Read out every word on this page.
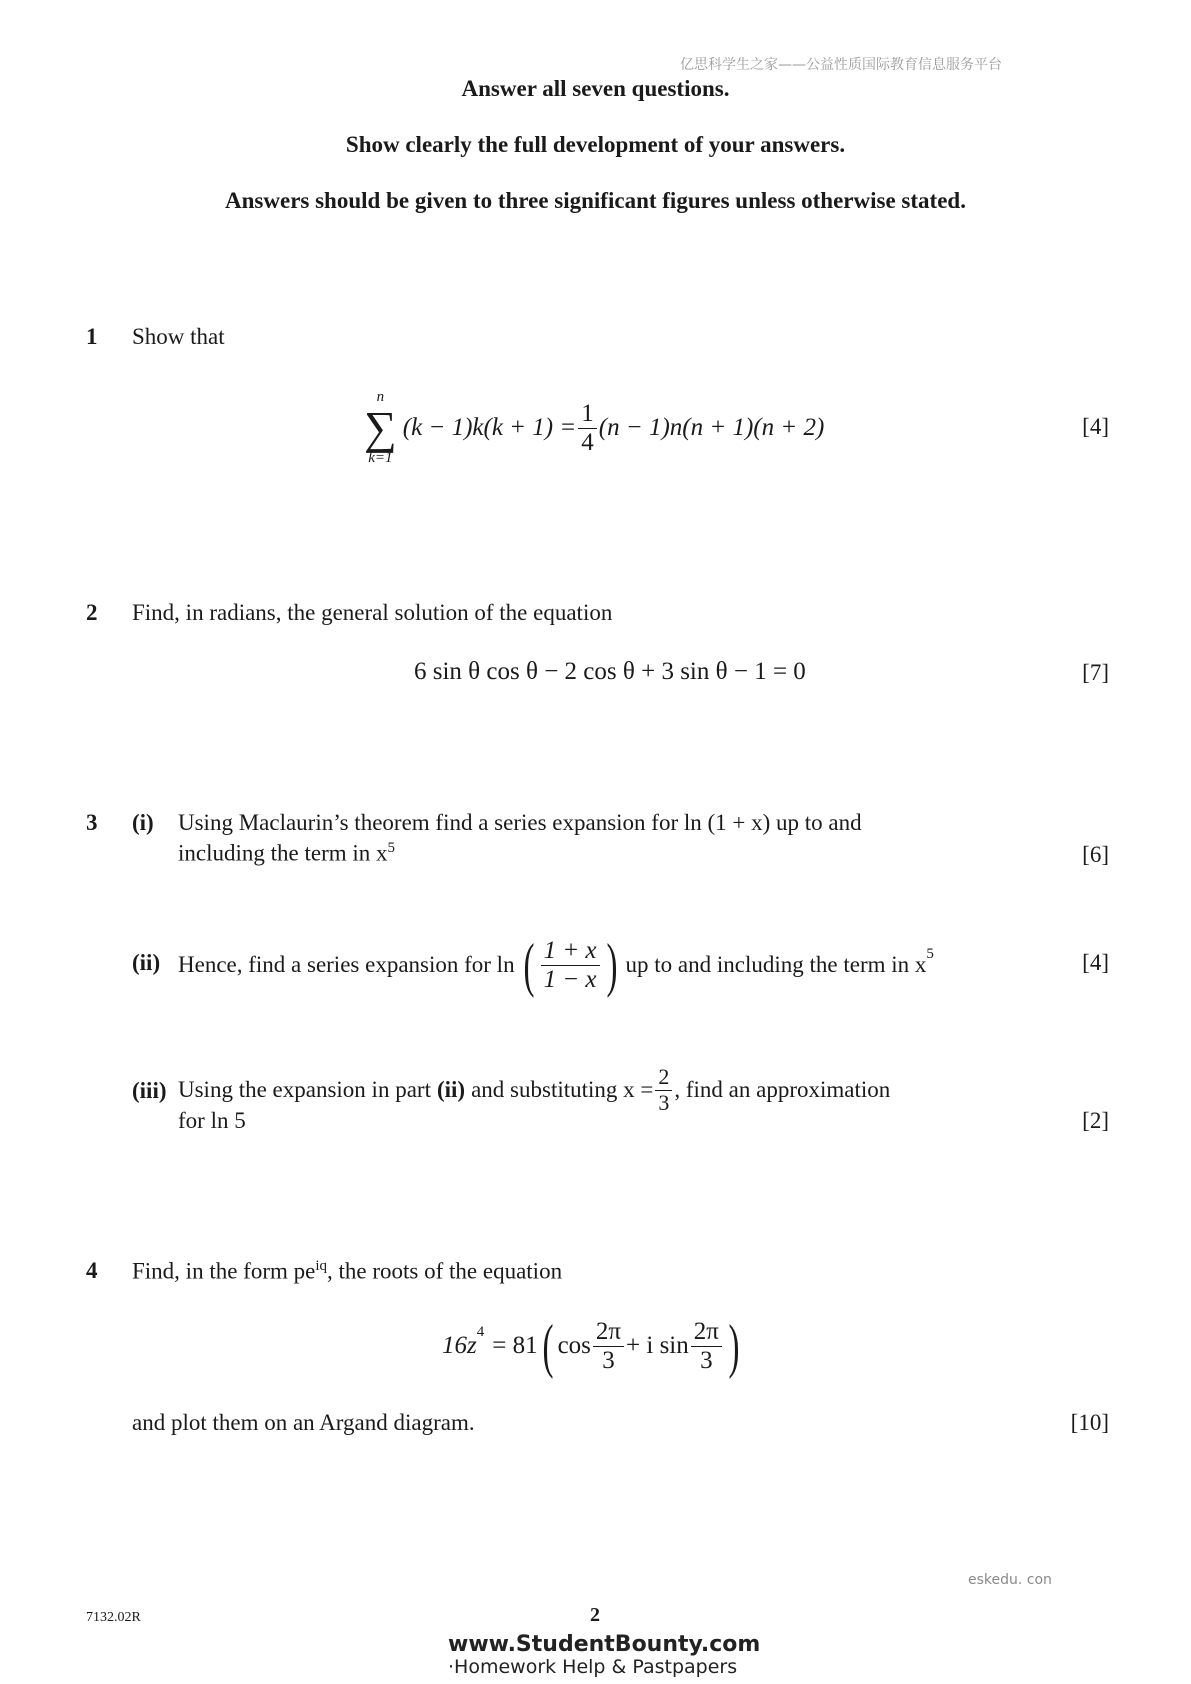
亿思科学生之家——公益性质国际教育信息服务平台
Answer all seven questions.
Show clearly the full development of your answers.
Answers should be given to three significant figures unless otherwise stated.
1 Show that
n
∑
k=1
$(k - 1)k(k + 1) = \frac{1}{4} (n - 1)n(n + 1)(n + 2)$	[4]
2 Find, in radians, the general solution of the equation
6 sin θ cos θ − 2 cos θ + 3 sin θ − 1 = 0	[7]
3 (i) Using Maclaurin’s theorem find a series expansion for ln (1 + x) up to and
including the term in $x^5$	[6]
(ii) Hence, find a series expansion for ln ( $\frac{1 + x}{1 - x}$ ) up to and including the term in $x^5$	[4]
(iii) Using the expansion in part (ii) and substituting $x = \frac{2}{3}$ , find an approximation
for ln 5	[2]
4 Find, in the form $pe^{iq}$, the roots of the equation
$16z^4 = 81$ ( $\cos \frac{2\pi}{3} + i$ $\sin \frac{2\pi}{3}$ )
and plot them on an Argand diagram.	[10]
eskedu. con
7132.02R	2
www.StudentBounty.com
·Homework Help & Pastpapers
